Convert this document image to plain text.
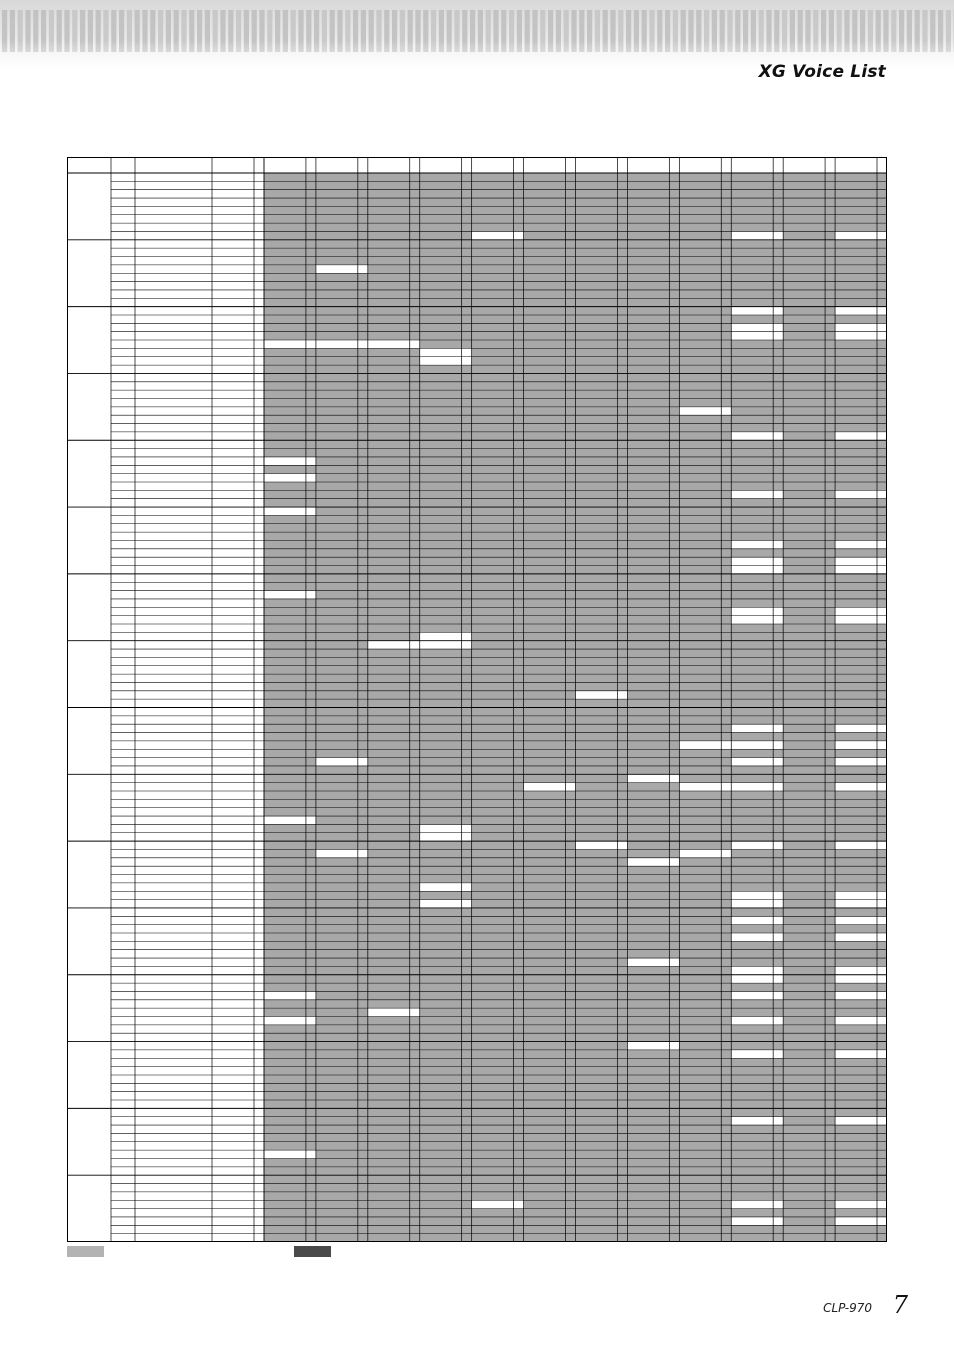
XG Voice List
CLP-970 7
